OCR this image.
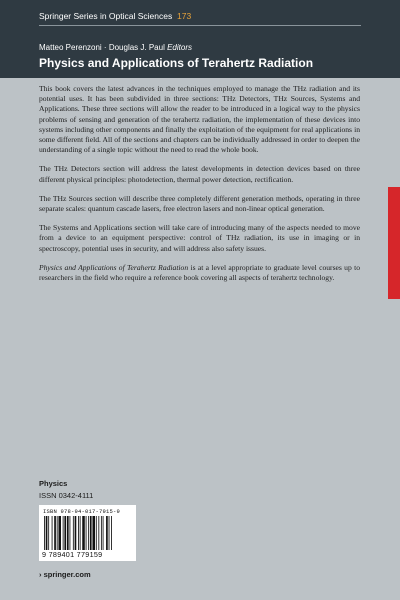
Springer Series in Optical Sciences 173
Matteo Perenzoni · Douglas J. Paul Editors
Physics and Applications of Terahertz Radiation

This book covers the latest advances in the techniques employed to manage the THz radiation and its potential uses. It has been subdivided in three sections: THz Detectors, THz Sources, Systems and Applications. These three sections will allow the reader to be introduced in a logical way to the physics problems of sensing and generation of the terahertz radiation, the implementation of these devices into systems including other components and finally the exploitation of the equipment for real applications in some different field. All of the sections and chapters can be individually addressed in order to deepen the understanding of a single topic without the need to read the whole book.

The THz Detectors section will address the latest developments in detection devices based on three different physical principles: photodetection, thermal power detection, rectification.

The THz Sources section will describe three completely different generation methods, operating in three separate scales: quantum cascade lasers, free electron lasers and non-linear optical generation.

The Systems and Applications section will take care of introducing many of the aspects needed to move from a device to an equipment perspective: control of THz radiation, its use in imaging or in spectroscopy, potential uses in security, and will address also safety issues.

Physics and Applications of Terahertz Radiation is at a level appropriate to graduate level courses up to researchers in the field who require a reference book covering all aspects of terahertz technology.

Physics
ISSN 0342-4111
ISBN 978-94-017-7915-9
9 789401 779159
› springer.com
